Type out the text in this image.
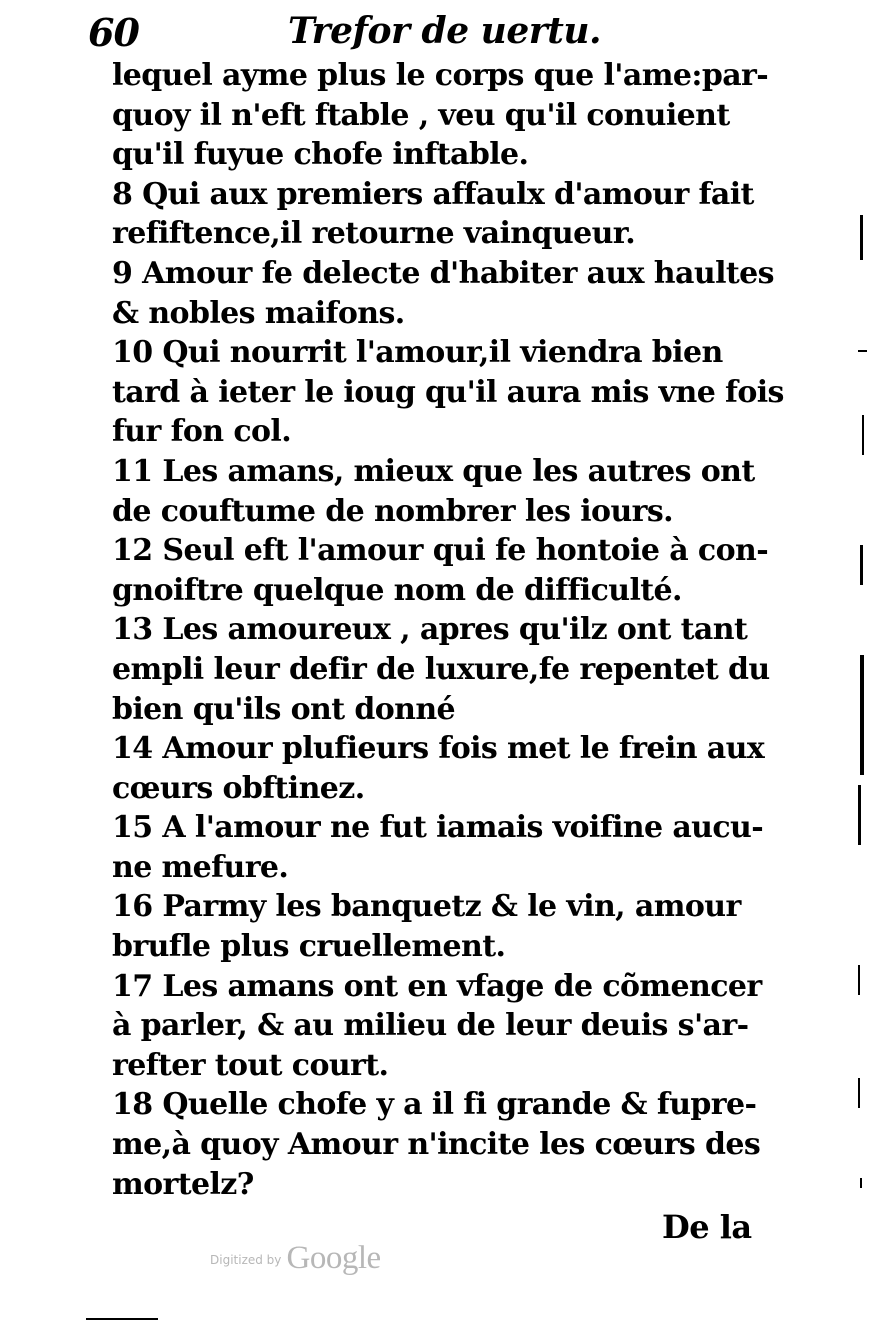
60	Trefor de uertu.
lequel ayme plus le corps que l'ame:par-
quoy il n'eft ftable , veu qu'il conuient
qu'il fuyue chofe inftable.
8 Qui aux premiers affaulx d'amour fait
refiftence,il retourne vainqueur.
9 Amour fe delecte d'habiter aux haultes
& nobles maifons.
10 Qui nourrit l'amour,il viendra bien
tard à ieter le ioug qu'il aura mis vne fois
fur fon col.
11 Les amans, mieux que les autres ont
de couftume de nombrer les iours.
12 Seul eft l'amour qui fe hontoie à con-
gnoiftre quelque nom de difficulté.
13 Les amoureux , apres qu'ilz ont tant
empli leur defir de luxure,fe repentet du
bien qu'ils ont donné
14 Amour plufieurs fois met le frein aux
cœurs obftinez.
15 A l'amour ne fut iamais voifine aucu-
ne mefure.
16 Parmy les banquetz & le vin, amour
brufle plus cruellement.
17 Les amans ont en vfage de cõmencer
à parler, & au milieu de leur deuis s'ar-
refter tout court.
18 Quelle chofe y a il fi grande & fupre-
me,à quoy Amour n'incite les cœurs des
mortelz?
De la
$^{Digitized by}$ Google
